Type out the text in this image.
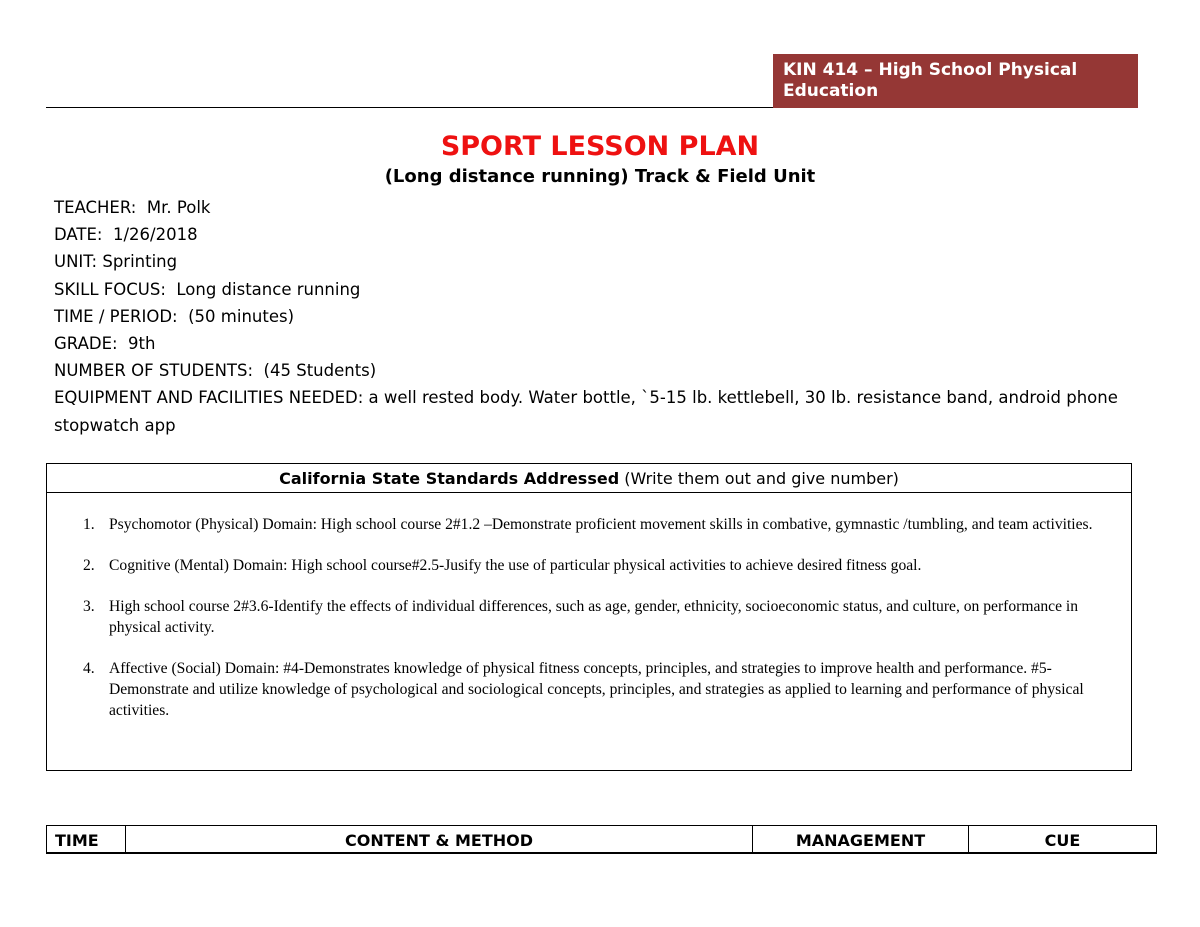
KIN 414 – High School Physical Education
SPORT LESSON PLAN
(Long distance running) Track & Field Unit
TEACHER:  Mr. Polk
DATE:  1/26/2018
UNIT: Sprinting
SKILL FOCUS:  Long distance running
TIME / PERIOD:  (50 minutes)
GRADE:  9th
NUMBER OF STUDENTS:  (45 Students)
EQUIPMENT AND FACILITIES NEEDED: a well rested body. Water bottle, `5-15 lb. kettlebell, 30 lb. resistance band, android phone stopwatch app
California State Standards Addressed (Write them out and give number)
1. Psychomotor (Physical) Domain: High school course 2#1.2 –Demonstrate proficient movement skills in combative, gymnastic /tumbling, and team activities.
2. Cognitive (Mental) Domain: High school course#2.5-Jusify the use of particular physical activities to achieve desired fitness goal.
3. High school course 2#3.6-Identify the effects of individual differences, such as age, gender, ethnicity, socioeconomic status, and culture, on performance in physical activity.
4. Affective (Social) Domain: #4-Demonstrates knowledge of physical fitness concepts, principles, and strategies to improve health and performance. #5-Demonstrate and utilize knowledge of psychological and sociological concepts, principles, and strategies as applied to learning and performance of physical activities.
TIME	CONTENT & METHOD	MANAGEMENT	CUE
